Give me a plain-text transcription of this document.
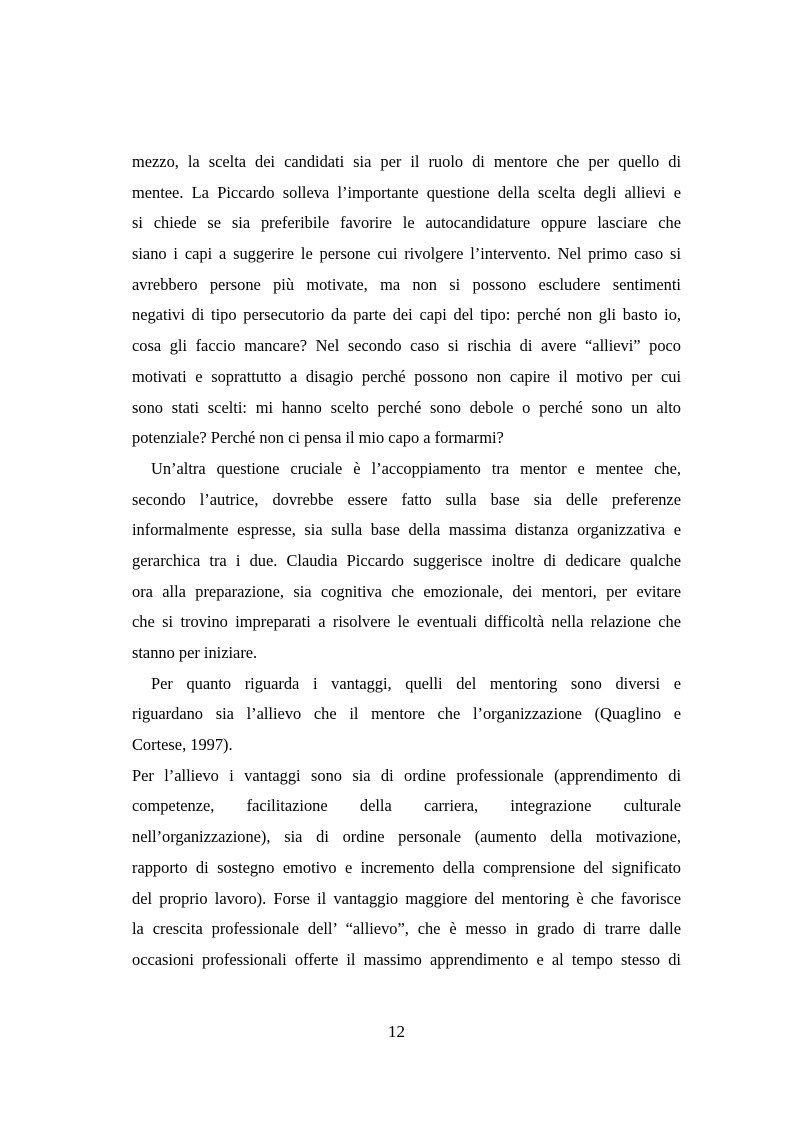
mezzo, la scelta dei candidati sia per il ruolo di mentore che per quello di
mentee. La Piccardo solleva l’importante questione della scelta degli allievi e
si chiede se sia preferibile favorire le autocandidature oppure lasciare che
siano i capi a suggerire le persone cui rivolgere l’intervento. Nel primo caso si
avrebbero persone più motivate, ma non si possono escludere sentimenti
negativi di tipo persecutorio da parte dei capi del tipo: perché non gli basto io,
cosa gli faccio mancare? Nel secondo caso si rischia di avere “allievi” poco
motivati e soprattutto a disagio perché possono non capire il motivo per cui
sono stati scelti: mi hanno scelto perché sono debole o perché sono un alto
potenziale? Perché non ci pensa il mio capo a formarmi?
Un’altra questione cruciale è l’accoppiamento tra mentor e mentee che,
secondo l’autrice, dovrebbe essere fatto sulla base sia delle preferenze
informalmente espresse, sia sulla base della massima distanza organizzativa e
gerarchica tra i due. Claudia Piccardo suggerisce inoltre di dedicare qualche
ora alla preparazione, sia cognitiva che emozionale, dei mentori, per evitare
che si trovino impreparati a risolvere le eventuali difficoltà nella relazione che
stanno per iniziare.
Per quanto riguarda i vantaggi, quelli del mentoring sono diversi e
riguardano sia l’allievo che il mentore che l’organizzazione (Quaglino e
Cortese, 1997).
Per l’allievo i vantaggi sono sia di ordine professionale (apprendimento di
competenze, facilitazione della carriera, integrazione culturale
nell’organizzazione), sia di ordine personale (aumento della motivazione,
rapporto di sostegno emotivo e incremento della comprensione del significato
del proprio lavoro). Forse il vantaggio maggiore del mentoring è che favorisce
la crescita professionale dell’ “allievo”, che è messo in grado di trarre dalle
occasioni professionali offerte il massimo apprendimento e al tempo stesso di
12
